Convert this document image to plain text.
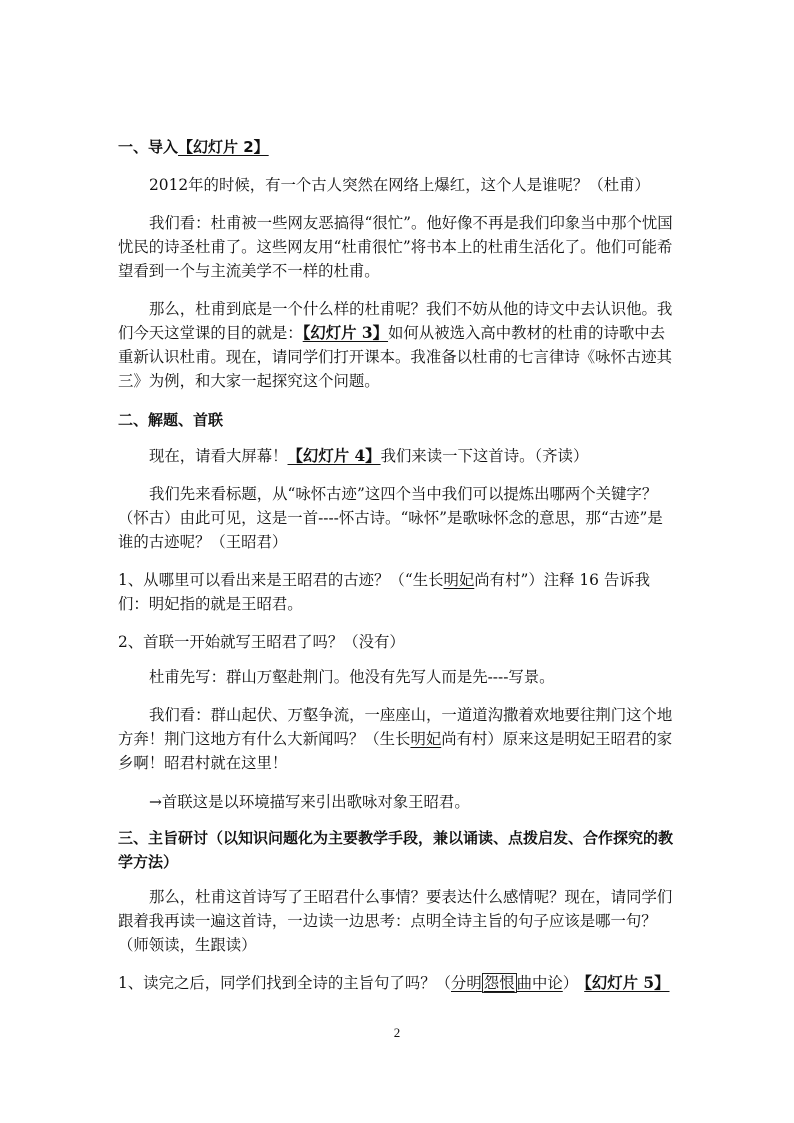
一、导入【幻灯片 2】

2012年的时候，有一个古人突然在网络上爆红，这个人是谁呢？（杜甫）

我们看：杜甫被一些网友恶搞得“很忙”。他好像不再是我们印象当中那个忧国忧民的诗圣杜甫了。这些网友用“杜甫很忙”将书本上的杜甫生活化了。他们可能希望看到一个与主流美学不一样的杜甫。

那么，杜甫到底是一个什么样的杜甫呢？我们不妨从他的诗文中去认识他。我们今天这堂课的目的就是：【幻灯片 3】如何从被选入高中教材的杜甫的诗歌中去重新认识杜甫。现在，请同学们打开课本。我准备以杜甫的七言律诗《咏怀古迹其三》为例，和大家一起探究这个问题。

二、解题、首联

现在，请看大屏幕！【幻灯片 4】我们来读一下这首诗。（齐读）

我们先来看标题，从“咏怀古迹”这四个当中我们可以提炼出哪两个关键字？（怀古）由此可见，这是一首----怀古诗。“咏怀”是歌咏怀念的意思，那“古迹”是谁的古迹呢？（王昭君）

1、从哪里可以看出来是王昭君的古迹？（“生长明妃尚有村”）注释 16 告诉我们：明妃指的就是王昭君。

2、首联一开始就写王昭君了吗？（没有）

杜甫先写：群山万壑赴荆门。他没有先写人而是先----写景。

我们看：群山起伏、万壑争流，一座座山，一道道沟撒着欢地要往荆门这个地方奔！荆门这地方有什么大新闻吗？（生长明妃尚有村）原来这是明妃王昭君的家乡啊！昭君村就在这里！

→首联这是以环境描写来引出歌咏对象王昭君。

三、主旨研讨（以知识问题化为主要教学手段，兼以诵读、点拨启发、合作探究的教学方法）

那么，杜甫这首诗写了王昭君什么事情？要表达什么感情呢？现在，请同学们跟着我再读一遍这首诗，一边读一边思考：点明全诗主旨的句子应该是哪一句？（师领读，生跟读）

1、读完之后，同学们找到全诗的主旨句了吗？（分明 怨恨 曲中论） 【幻灯片 5】

2
